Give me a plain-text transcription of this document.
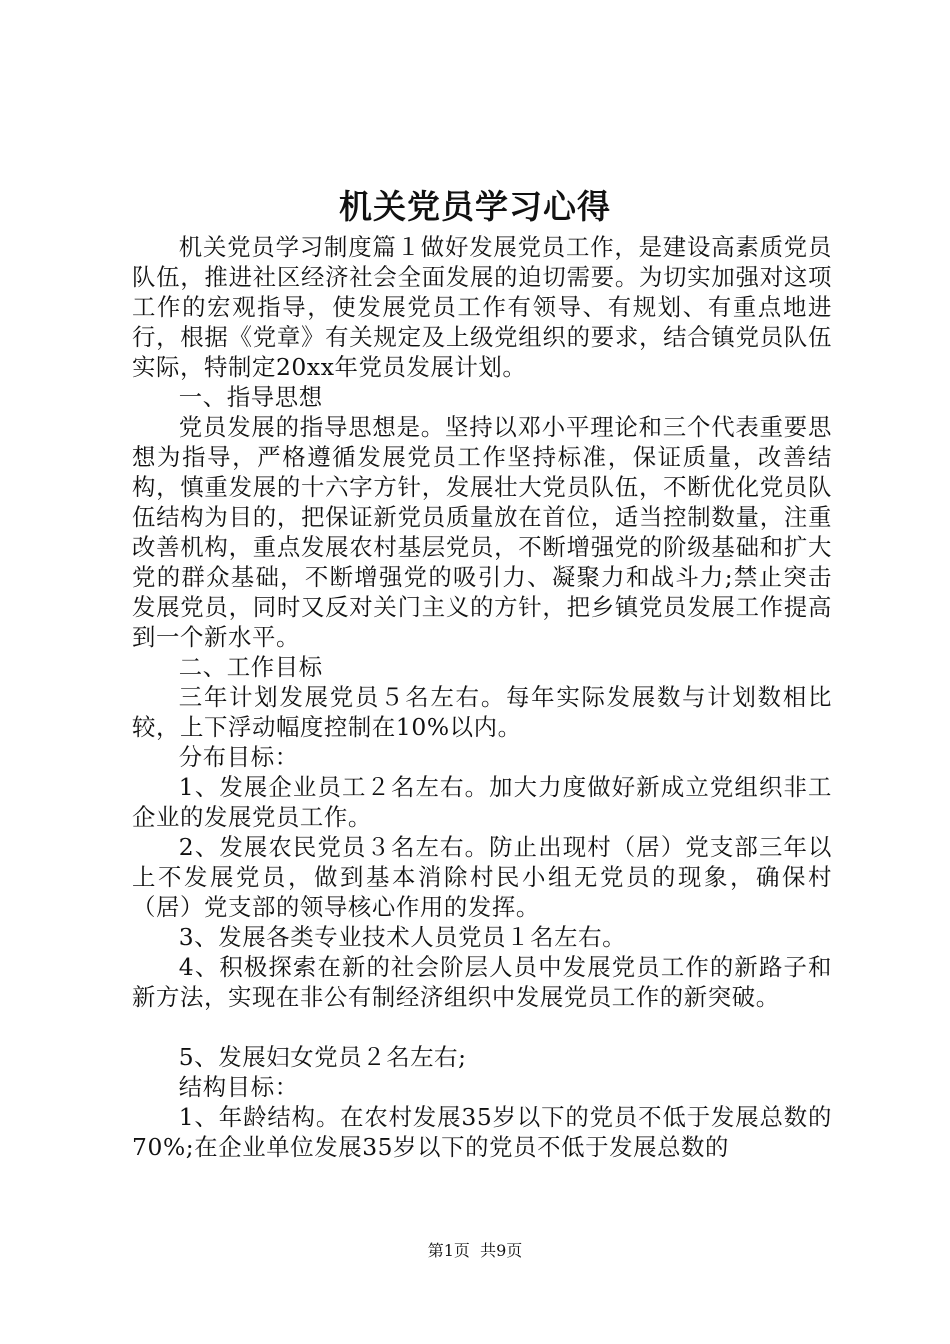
机关党员学习心得

机关党员学习制度篇１做好发展党员工作，是建设高素质党员队伍，推进社区经济社会全面发展的迫切需要。为切实加强对这项工作的宏观指导，使发展党员工作有领导、有规划、有重点地进行，根据《党章》有关规定及上级党组织的要求，结合镇党员队伍实际，特制定20xx年党员发展计划。

一、指导思想

党员发展的指导思想是。坚持以邓小平理论和三个代表重要思想为指导，严格遵循发展党员工作坚持标准，保证质量，改善结构，慎重发展的十六字方针，发展壮大党员队伍，不断优化党员队伍结构为目的，把保证新党员质量放在首位，适当控制数量，注重改善机构，重点发展农村基层党员，不断增强党的阶级基础和扩大党的群众基础，不断增强党的吸引力、凝聚力和战斗力;禁止突击发展党员，同时又反对关门主义的方针，把乡镇党员发展工作提高到一个新水平。

二、工作目标

三年计划发展党员５名左右。每年实际发展数与计划数相比较，上下浮动幅度控制在10%以内。

分布目标：

1、发展企业员工２名左右。加大力度做好新成立党组织非工企业的发展党员工作。

2、发展农民党员３名左右。防止出现村（居）党支部三年以上不发展党员，做到基本消除村民小组无党员的现象，确保村（居）党支部的领导核心作用的发挥。

3、发展各类专业技术人员党员１名左右。

4、积极探索在新的社会阶层人员中发展党员工作的新路子和新方法，实现在非公有制经济组织中发展党员工作的新突破。

5、发展妇女党员２名左右;

结构目标：

1、年龄结构。在农村发展35岁以下的党员不低于发展总数的70%;在企业单位发展35岁以下的党员不低于发展总数的

第1页 共9页
